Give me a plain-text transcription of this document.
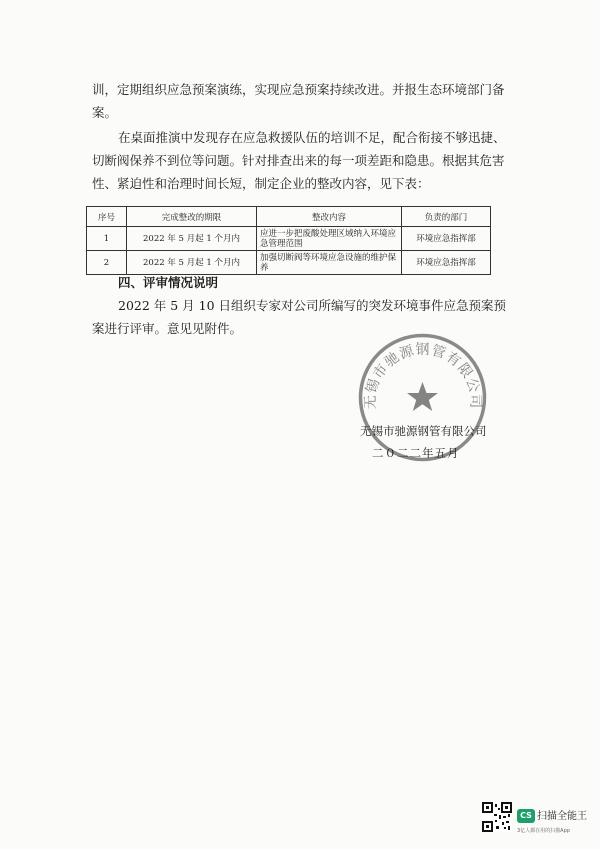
训，定期组织应急预案演练，实现应急预案持续改进。并报生态环境部门备案。
在桌面推演中发现存在应急救援队伍的培训不足，配合衔接不够迅捷、切断阀保养不到位等问题。针对排查出来的每一项差距和隐患。根据其危害性、紧迫性和治理时间长短，制定企业的整改内容，见下表：
序号	完成整改的期限	整改内容	负责的部门
1	2022 年 5 月起 1 个月内	应进一步把废酸处理区域纳入环境应急管理范围	环境应急指挥部
2	2022 年 5 月起 1 个月内	加强切断阀等环境应急设施的维护保养	环境应急指挥部
四、评审情况说明
2022 年 5 月 10 日组织专家对公司所编写的突发环境事件应急预案预案进行评审。意见见附件。
无锡市驰源钢管有限公司
无锡市驰源钢管有限公司
二０二二年五月
CS 扫描全能王
3亿人都在用的扫描App
